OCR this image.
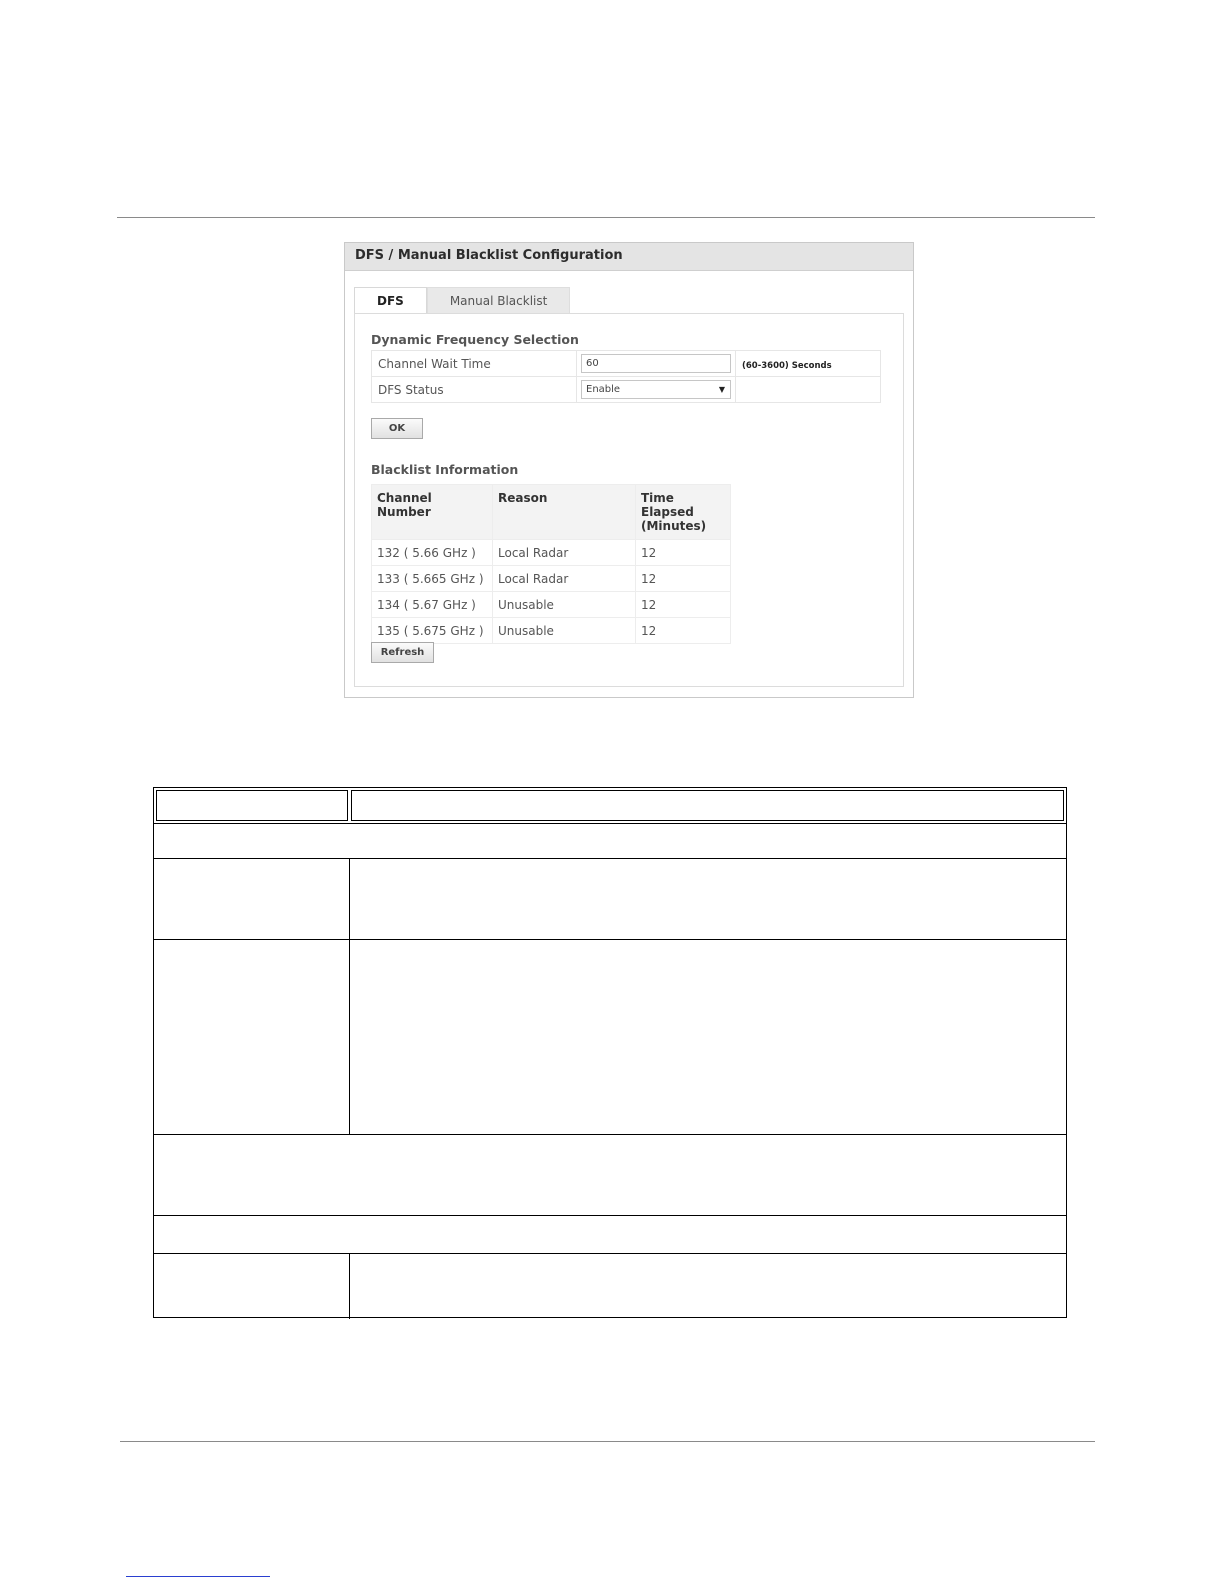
DFS / Manual Blacklist Configuration
DFS	Manual Blacklist
Dynamic Frequency Selection
Channel Wait Time	60	(60-3600) Seconds
DFS Status	Enable ▼	

OK
Blacklist Information
Channel Number	Reason	Time Elapsed (Minutes)
132 ( 5.66 GHz )	Local Radar	12
133 ( 5.665 GHz )	Local Radar	12
134 ( 5.67 GHz )	Unusable	12
135 ( 5.675 GHz )	Unusable	12
Refresh
